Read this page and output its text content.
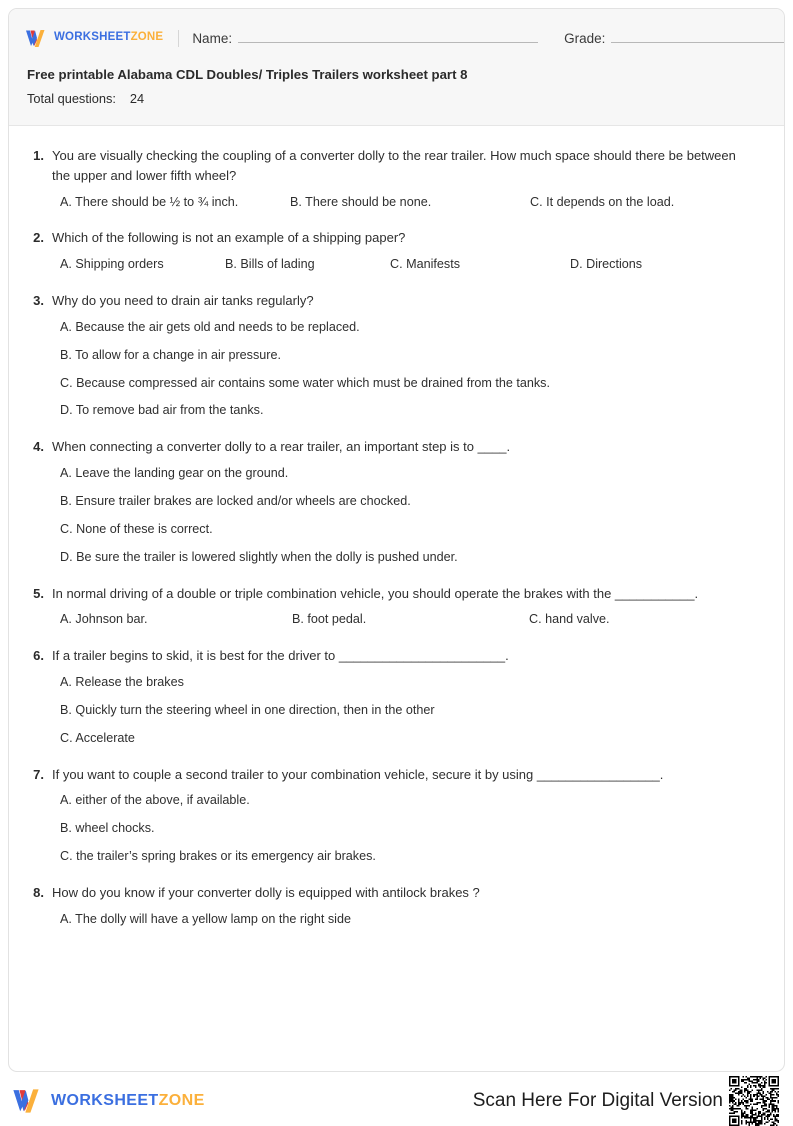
WORKSHEETZONE Name:	Grade:
Free printable Alabama CDL Doubles/ Triples Trailers worksheet part 8
Total questions: 24
1. You are visually checking the coupling of a converter dolly to the rear trailer. How much space should there be between the upper and lower fifth wheel?
A. There should be ½ to ¾ inch.	B. There should be none.	C. It depends on the load.
2. Which of the following is not an example of a shipping paper?
A. Shipping orders	B. Bills of lading	C. Manifests	D. Directions
3. Why do you need to drain air tanks regularly?
A. Because the air gets old and needs to be replaced.
B. To allow for a change in air pressure.
C. Because compressed air contains some water which must be drained from the tanks.
D. To remove bad air from the tanks.
4. When connecting a converter dolly to a rear trailer, an important step is to ____.
A. Leave the landing gear on the ground.
B. Ensure trailer brakes are locked and/or wheels are chocked.
C. None of these is correct.
D. Be sure the trailer is lowered slightly when the dolly is pushed under.
5. In normal driving of a double or triple combination vehicle, you should operate the brakes with the ___________.
A. Johnson bar.	B. foot pedal.	C. hand valve.
6. If a trailer begins to skid, it is best for the driver to _______________________.
A. Release the brakes
B. Quickly turn the steering wheel in one direction, then in the other
C. Accelerate
7. If you want to couple a second trailer to your combination vehicle, secure it by using _________________.
A. either of the above, if available.
B. wheel chocks.
C. the trailer’s spring brakes or its emergency air brakes.
8. How do you know if your converter dolly is equipped with antilock brakes ?
A. The dolly will have a yellow lamp on the right side
WORKSHEETZONE	Scan Here For Digital Version
